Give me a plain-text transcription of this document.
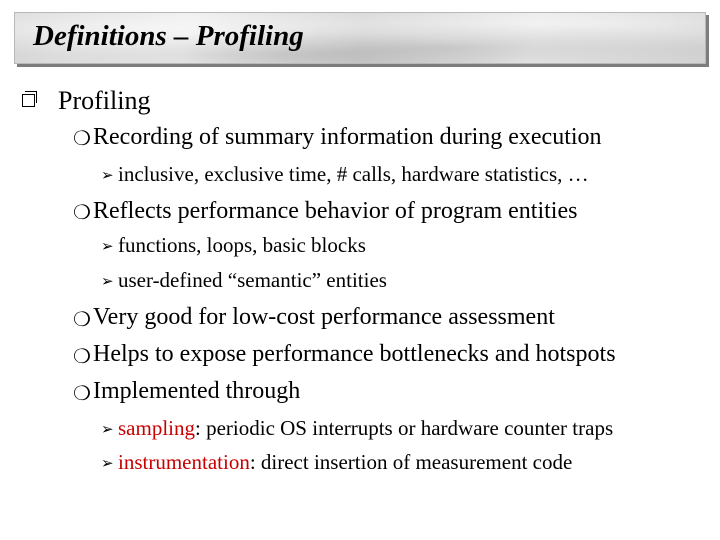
Definitions – Profiling
Profiling
❍ Recording of summary information during execution
➢ inclusive, exclusive time, # calls, hardware statistics, …
❍ Reflects performance behavior of program entities
➢ functions, loops, basic blocks
➢ user-defined “semantic” entities
❍ Very good for low-cost performance assessment
❍ Helps to expose performance bottlenecks and hotspots
❍ Implemented through
➢ sampling: periodic OS interrupts or hardware counter traps
➢ instrumentation: direct insertion of measurement code
